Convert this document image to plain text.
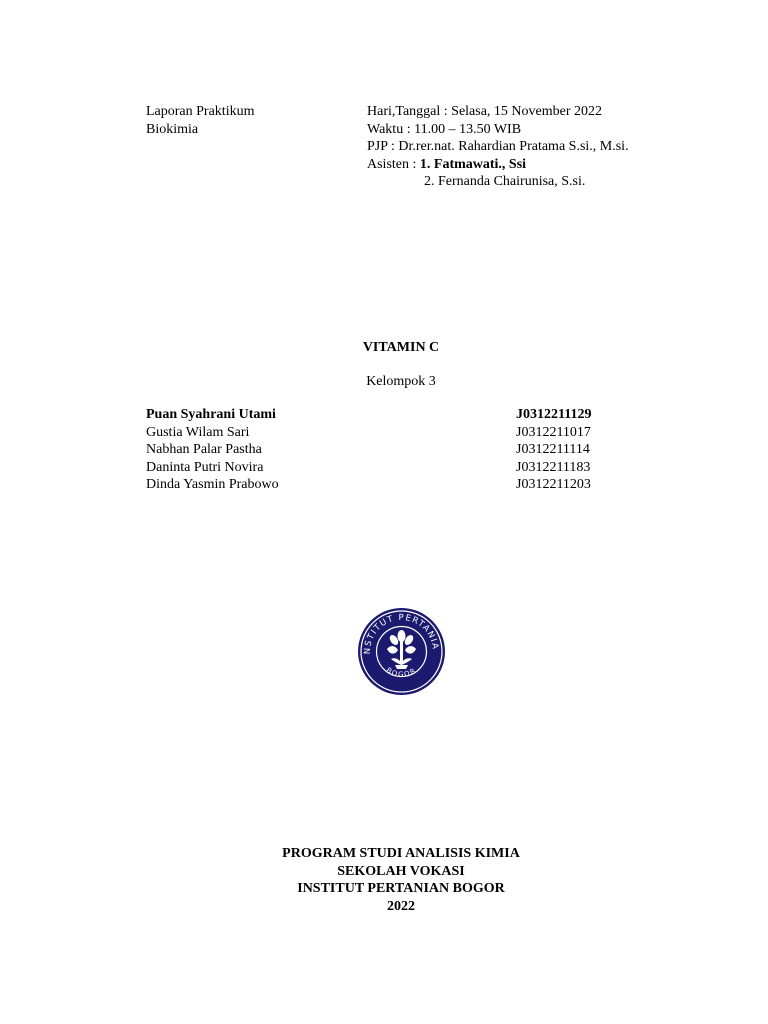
Laporan Praktikum
Biokimia
Hari,Tanggal : Selasa, 15 November 2022
Waktu : 11.00 – 13.50 WIB
PJP : Dr.rer.nat. Rahardian Pratama S.si., M.si.
Asisten : 1. Fatmawati., Ssi
2. Fernanda Chairunisa, S.si.
VITAMIN C
Kelompok 3
Puan Syahrani Utami	J0312211129
Gustia Wilam Sari	J0312211017
Nabhan Palar Pastha	J0312211114
Daninta Putri Novira	J0312211183
Dinda Yasmin Prabowo	J0312211203
NSTITUT PERTANIA
BOGOR
PROGRAM STUDI ANALISIS KIMIA
SEKOLAH VOKASI
INSTITUT PERTANIAN BOGOR
2022
